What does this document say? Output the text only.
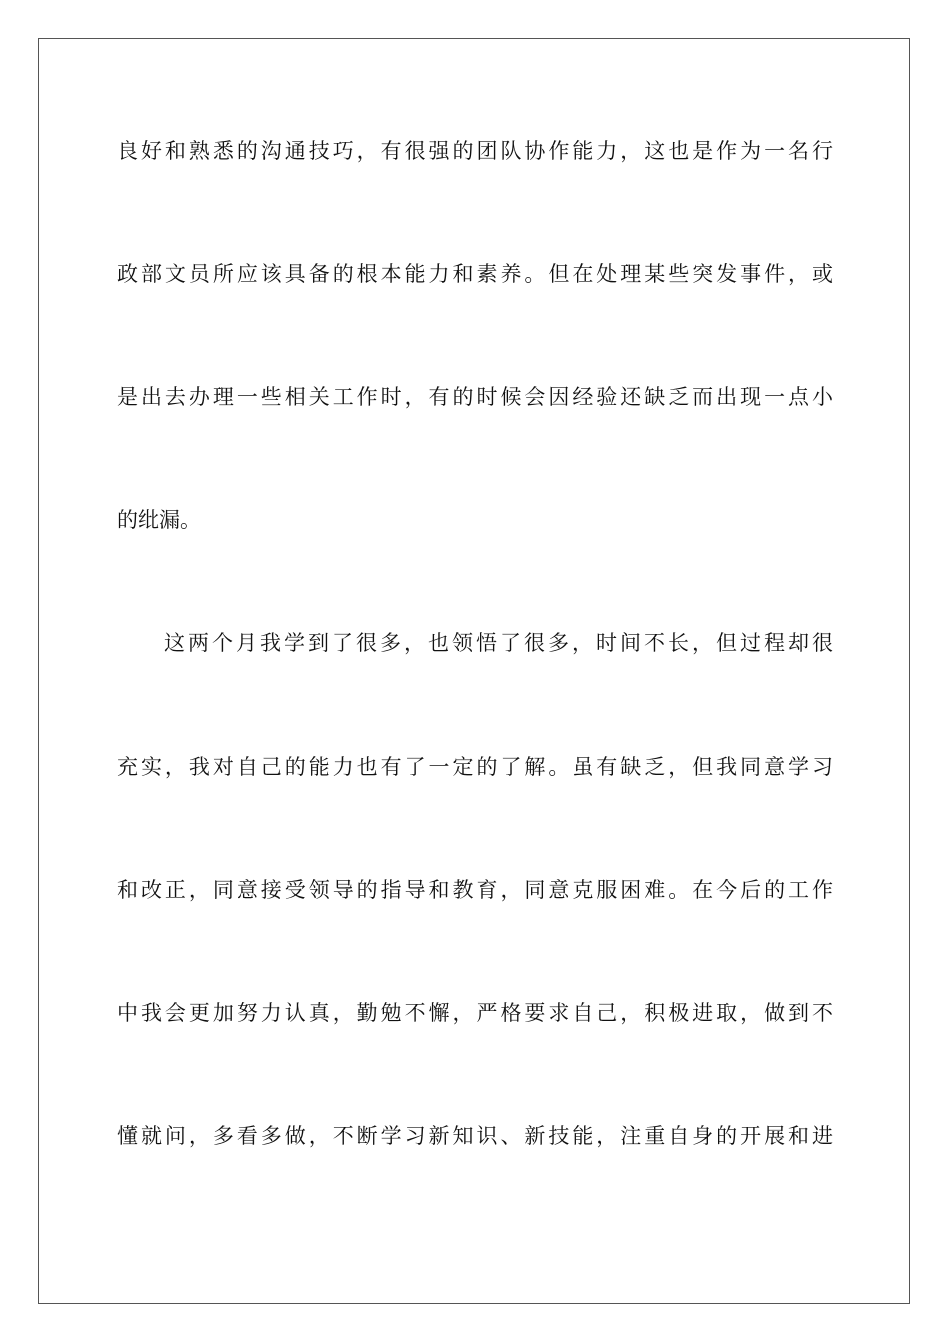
良好和熟悉的沟通技巧，有很强的团队协作能力，这也是作为一名行
政部文员所应该具备的根本能力和素养。但在处理某些突发事件，或
是出去办理一些相关工作时，有的时候会因经验还缺乏而出现一点小
的纰漏。
这两个月我学到了很多，也领悟了很多，时间不长，但过程却很
充实，我对自己的能力也有了一定的了解。虽有缺乏，但我同意学习
和改正，同意接受领导的指导和教育，同意克服困难。在今后的工作
中我会更加努力认真，勤勉不懈，严格要求自己，积极进取，做到不
懂就问，多看多做，不断学习新知识、新技能，注重自身的开展和进
